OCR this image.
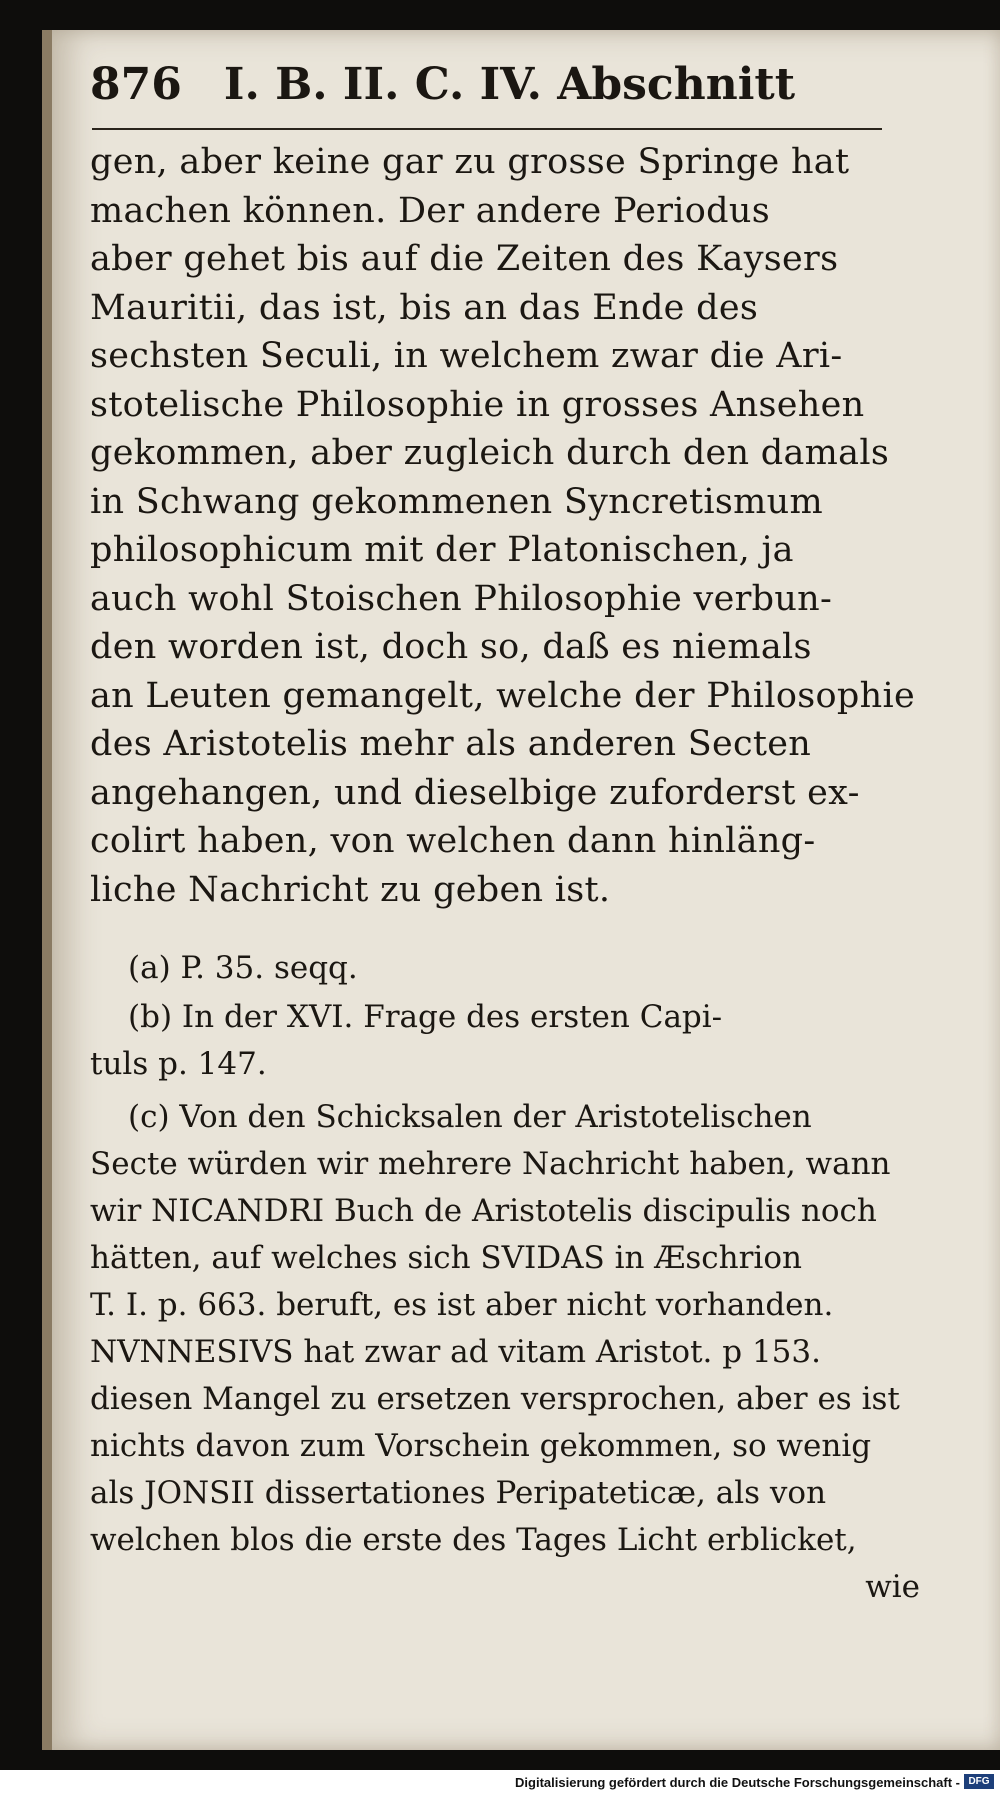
876 I. B. II. C. IV. Abschnitt
gen, aber keine gar zu grosse Springe hat
machen können. Der andere Periodus
aber gehet bis auf die Zeiten des Kaysers
Mauritii, das ist, bis an das Ende des
sechsten Seculi, in welchem zwar die Ari-
stotelische Philosophie in grosses Ansehen
gekommen, aber zugleich durch den damals
in Schwang gekommenen Syncretismum
philosophicum mit der Platonischen, ja
auch wohl Stoischen Philosophie verbun-
den worden ist, doch so, daß es niemals
an Leuten gemangelt, welche der Philosophie
des Aristotelis mehr als anderen Secten
angehangen, und dieselbige zuforderst ex-
colirt haben, von welchen dann hinläng-
liche Nachricht zu geben ist.
(a) P. 35. seqq.
(b) In der XVI. Frage des ersten Capi-
tuls p. 147.
(c) Von den Schicksalen der Aristotelischen
Secte würden wir mehrere Nachricht haben, wann
wir NICANDRI Buch de Aristotelis discipulis noch
hätten, auf welches sich SVIDAS in Æschrion
T. I. p. 663. beruft, es ist aber nicht vorhanden.
NVNNESIVS hat zwar ad vitam Aristot. p 153.
diesen Mangel zu ersetzen versprochen, aber es ist
nichts davon zum Vorschein gekommen, so wenig
als JONSII dissertationes Peripateticæ, als von
welchen blos die erste des Tages Licht erblicket,
wie
Digitalisierung gefördert durch die Deutsche Forschungsgemeinschaft - DFG
